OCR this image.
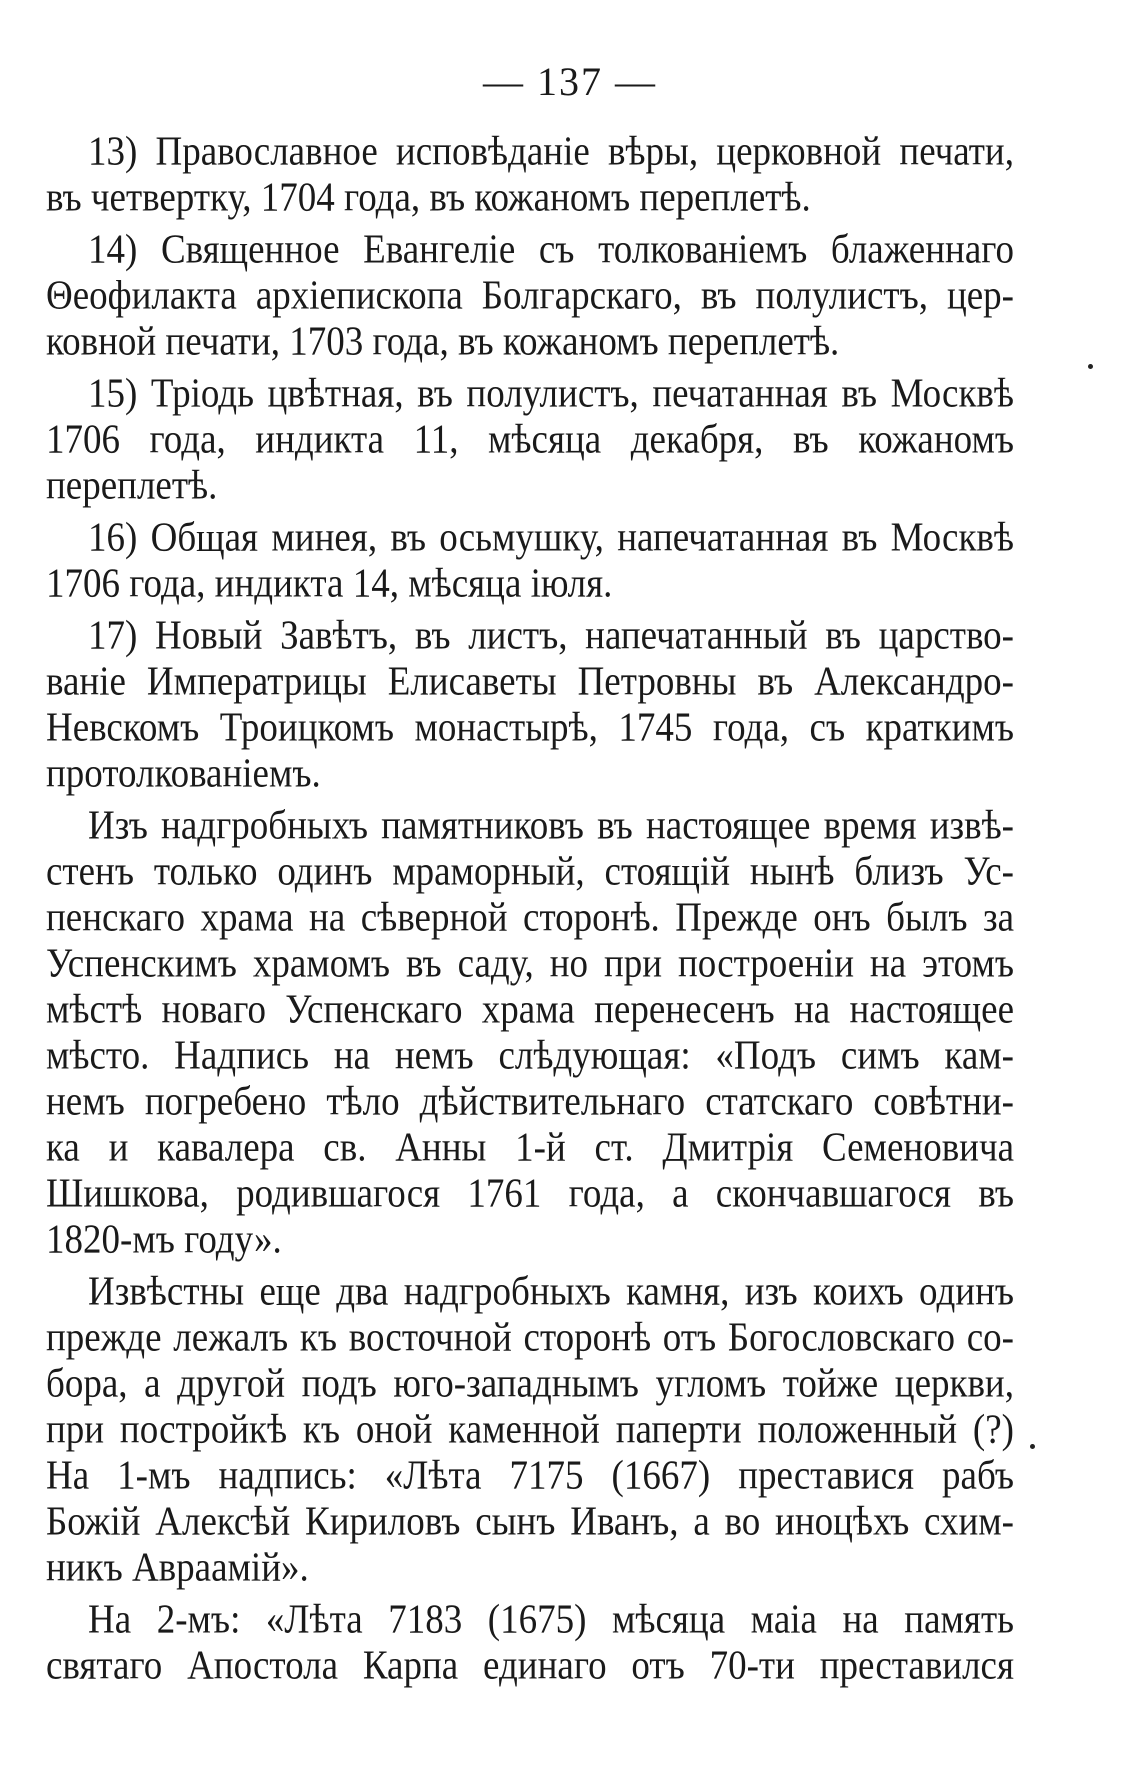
— 137 —
13) Православное исповѣданіе вѣры, церковной печати,
въ четвертку, 1704 года, въ кожаномъ переплетѣ.
14) Священное Евангеліе съ толкованіемъ блаженнаго
Θеофилакта архіепископа Болгарскаго, въ полулистъ, цер-
ковной печати, 1703 года, въ кожаномъ переплетѣ.
15) Тріодь цвѣтная, въ полулистъ, печатанная въ Москвѣ
1706 года, индикта 11, мѣсяца декабря, въ кожаномъ
переплетѣ.
16) Общая минея, въ осьмушку, напечатанная въ Москвѣ
1706 года, индикта 14, мѣсяца іюля.
17) Новый Завѣтъ, въ листъ, напечатанный въ царство-
ваніе Императрицы Елисаветы Петровны въ Александро-
Невскомъ Троицкомъ монастырѣ, 1745 года, съ краткимъ
протолкованіемъ.
Изъ надгробныхъ памятниковъ въ настоящее время извѣ-
стенъ только одинъ мраморный, стоящій нынѣ близъ Ус-
пенскаго храма на сѣверной сторонѣ. Прежде онъ былъ за
Успенскимъ храмомъ въ саду, но при построеніи на этомъ
мѣстѣ новаго Успенскаго храма перенесенъ на настоящее
мѣсто. Надпись на немъ слѣдующая: «Подъ симъ кам-
немъ погребено тѣло дѣйствительнаго статскаго совѣтни-
ка и кавалера св. Анны 1-й ст. Дмитрія Семеновича
Шишкова, родившагося 1761 года, а скончавшагося въ
1820-мъ году».
Извѣстны еще два надгробныхъ камня, изъ коихъ одинъ
прежде лежалъ къ восточной сторонѣ отъ Богословскаго со-
бора, а другой подъ юго-западнымъ угломъ тойже церкви,
при постройкѣ къ оной каменной паперти положенный (?)
На 1-мъ надпись: «Лѣта 7175 (1667) преставися рабъ
Божій Алексѣй Кириловъ сынъ Иванъ, а во иноцѣхъ схим-
никъ Авраамій».
На 2-мъ: «Лѣта 7183 (1675) мѣсяца маіа на память
святаго Апостола Карпа единаго отъ 70-ти преставился
